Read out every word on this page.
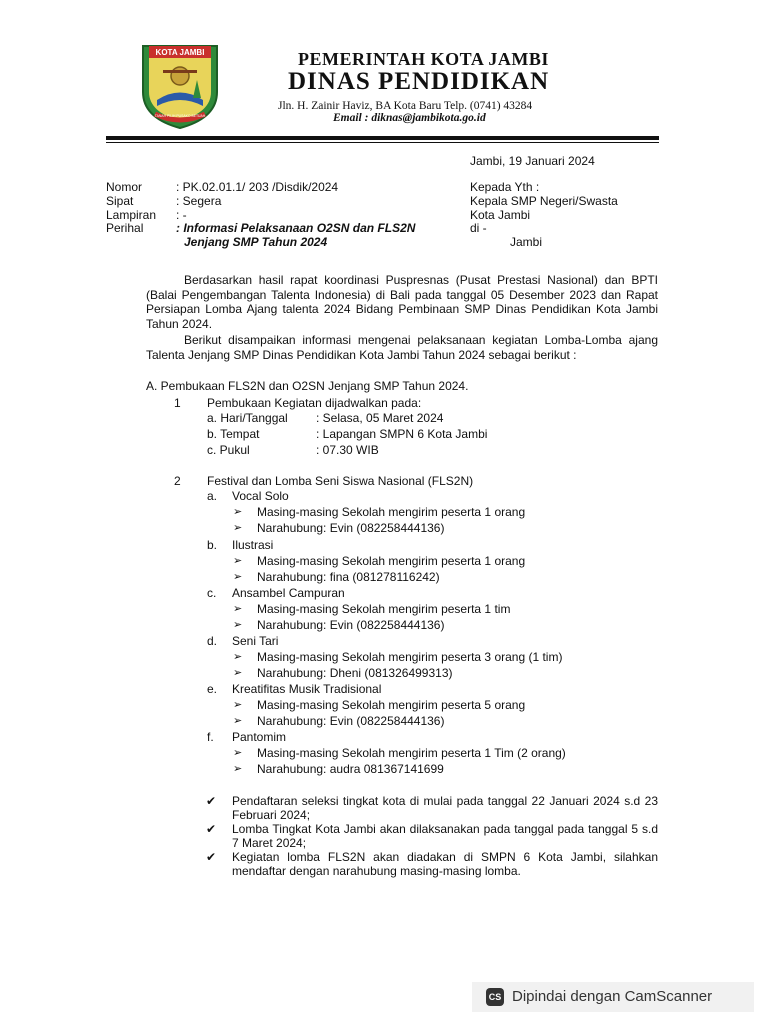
KOTA JAMBI
TANAH PILIH PUSAKO BETUAH
PEMERINTAH KOTA JAMBI
DINAS PENDIDIKAN
Jln. H. Zainir Haviz, BA Kota Baru Telp. (0741) 43284
Email : diknas@jambikota.go.id
Jambi, 19 Januari 2024
Nomor
Sipat
Lampiran
Perihal
: PK.02.01.1/ 203 /Disdik/2024
: Segera
: -
: Informasi Pelaksanaan O2SN dan FLS2N
Jenjang SMP Tahun 2024
Kepada Yth :
Kepala SMP Negeri/Swasta
Kota Jambi
di -
Jambi
Berdasarkan hasil rapat koordinasi Puspresnas (Pusat Prestasi Nasional) dan BPTI (Balai Pengembangan Talenta Indonesia) di Bali pada tanggal 05 Desember 2023 dan Rapat Persiapan Lomba Ajang talenta 2024 Bidang Pembinaan SMP Dinas Pendidikan Kota Jambi Tahun 2024.
Berikut disampaikan informasi mengenai pelaksanaan kegiatan Lomba-Lomba ajang Talenta Jenjang SMP Dinas Pendidikan Kota Jambi Tahun 2024 sebagai berikut :
A. Pembukaan FLS2N dan O2SN Jenjang SMP Tahun 2024.
1 Pembukaan Kegiatan dijadwalkan pada:
a. Hari/Tanggal : Selasa, 05 Maret 2024
b. Tempat	: Lapangan SMPN 6 Kota Jambi
c. Pukul	: 07.30 WIB
2 Festival dan Lomba Seni Siswa Nasional (FLS2N)
a. Vocal Solo
➢ Masing-masing Sekolah mengirim peserta 1 orang
➢ Narahubung: Evin (082258444136)
b. Ilustrasi
➢ Masing-masing Sekolah mengirim peserta 1 orang
➢ Narahubung: fina (081278116242)
c. Ansambel Campuran
➢ Masing-masing Sekolah mengirim peserta 1 tim
➢ Narahubung: Evin (082258444136)
d. Seni Tari
➢ Masing-masing Sekolah mengirim peserta 3 orang (1 tim)
➢ Narahubung: Dheni (081326499313)
e. Kreatifitas Musik Tradisional
➢ Masing-masing Sekolah mengirim peserta 5 orang
➢ Narahubung: Evin (082258444136)
f. Pantomim
➢ Masing-masing Sekolah mengirim peserta 1 Tim (2 orang)
➢ Narahubung: audra 081367141699
✔ Pendaftaran seleksi tingkat kota di mulai pada tanggal 22 Januari 2024 s.d 23 Februari 2024;
✔ Lomba Tingkat Kota Jambi akan dilaksanakan pada tanggal pada tanggal 5 s.d 7 Maret 2024;
✔ Kegiatan lomba FLS2N akan diadakan di SMPN 6 Kota Jambi, silahkan mendaftar dengan narahubung masing-masing lomba.
CS Dipindai dengan CamScanner
